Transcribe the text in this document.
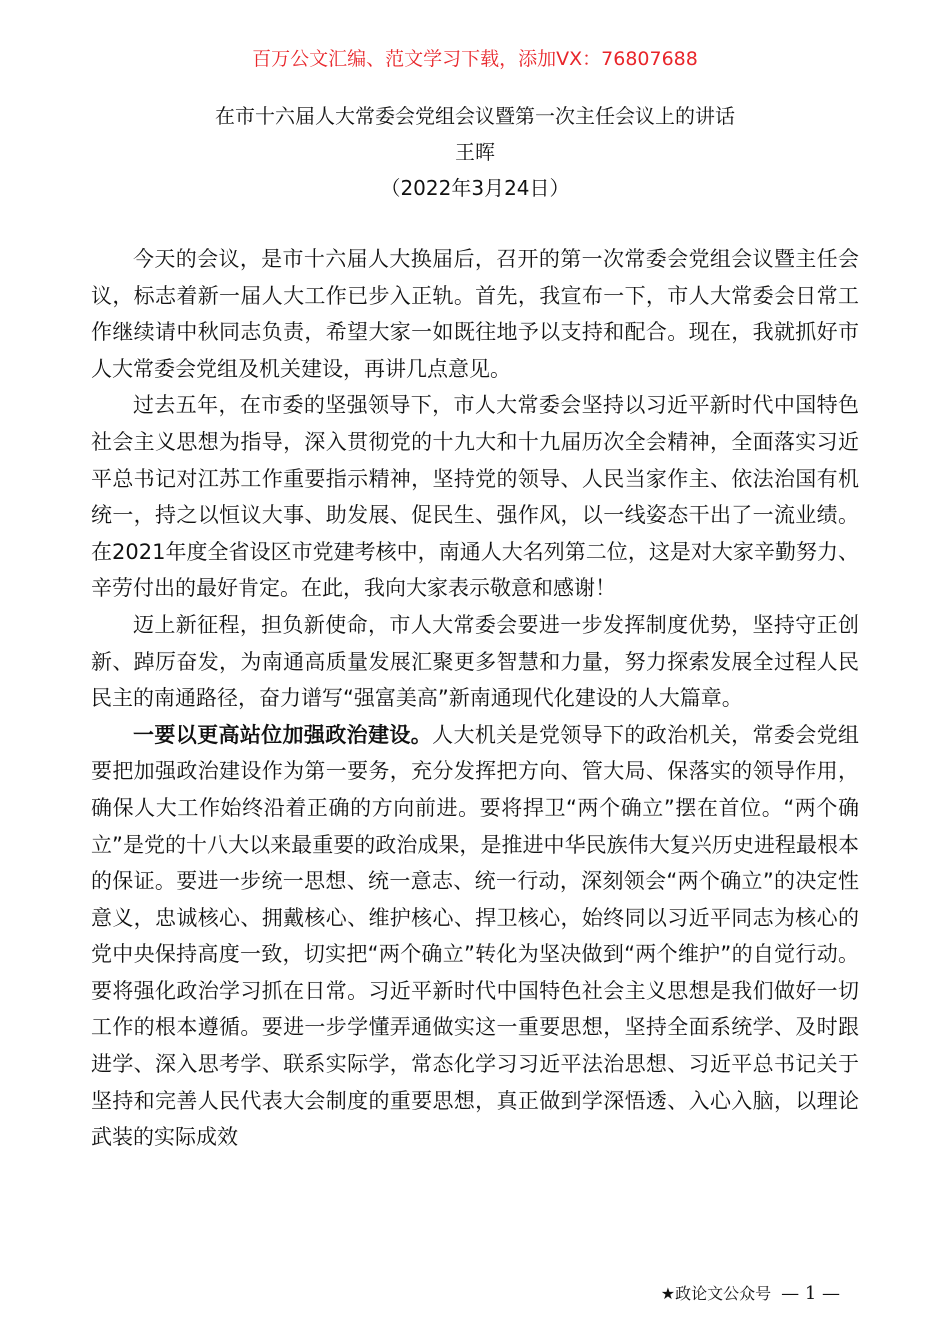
百万公文汇编、范文学习下载，添加VX：76807688
在市十六届人大常委会党组会议暨第一次主任会议上的讲话
王晖
（2022年3月24日）

今天的会议，是市十六届人大换届后，召开的第一次常委会党组会议暨主任会议，标志着新一届人大工作已步入正轨。首先，我宣布一下，市人大常委会日常工作继续请中秋同志负责，希望大家一如既往地予以支持和配合。现在，我就抓好市人大常委会党组及机关建设，再讲几点意见。

过去五年，在市委的坚强领导下，市人大常委会坚持以习近平新时代中国特色社会主义思想为指导，深入贯彻党的十九大和十九届历次全会精神，全面落实习近平总书记对江苏工作重要指示精神，坚持党的领导、人民当家作主、依法治国有机统一，持之以恒议大事、助发展、促民生、强作风，以一线姿态干出了一流业绩。在2021年度全省设区市党建考核中，南通人大名列第二位，这是对大家辛勤努力、辛劳付出的最好肯定。在此，我向大家表示敬意和感谢！

迈上新征程，担负新使命，市人大常委会要进一步发挥制度优势，坚持守正创新、踔厉奋发，为南通高质量发展汇聚更多智慧和力量，努力探索发展全过程人民民主的南通路径，奋力谱写“强富美高”新南通现代化建设的人大篇章。

一要以更高站位加强政治建设。人大机关是党领导下的政治机关，常委会党组要把加强政治建设作为第一要务，充分发挥把方向、管大局、保落实的领导作用，确保人大工作始终沿着正确的方向前进。要将捍卫“两个确立”摆在首位。“两个确立”是党的十八大以来最重要的政治成果，是推进中华民族伟大复兴历史进程最根本的保证。要进一步统一思想、统一意志、统一行动，深刻领会“两个确立”的决定性意义，忠诚核心、拥戴核心、维护核心、捍卫核心，始终同以习近平同志为核心的党中央保持高度一致，切实把“两个确立”转化为坚决做到“两个维护”的自觉行动。要将强化政治学习抓在日常。习近平新时代中国特色社会主义思想是我们做好一切工作的根本遵循。要进一步学懂弄通做实这一重要思想，坚持全面系统学、及时跟进学、深入思考学、联系实际学，常态化学习习近平法治思想、习近平总书记关于坚持和完善人民代表大会制度的重要思想，真正做到学深悟透、入心入脑，以理论武装的实际成效

★政论文公众号 — 1 —
